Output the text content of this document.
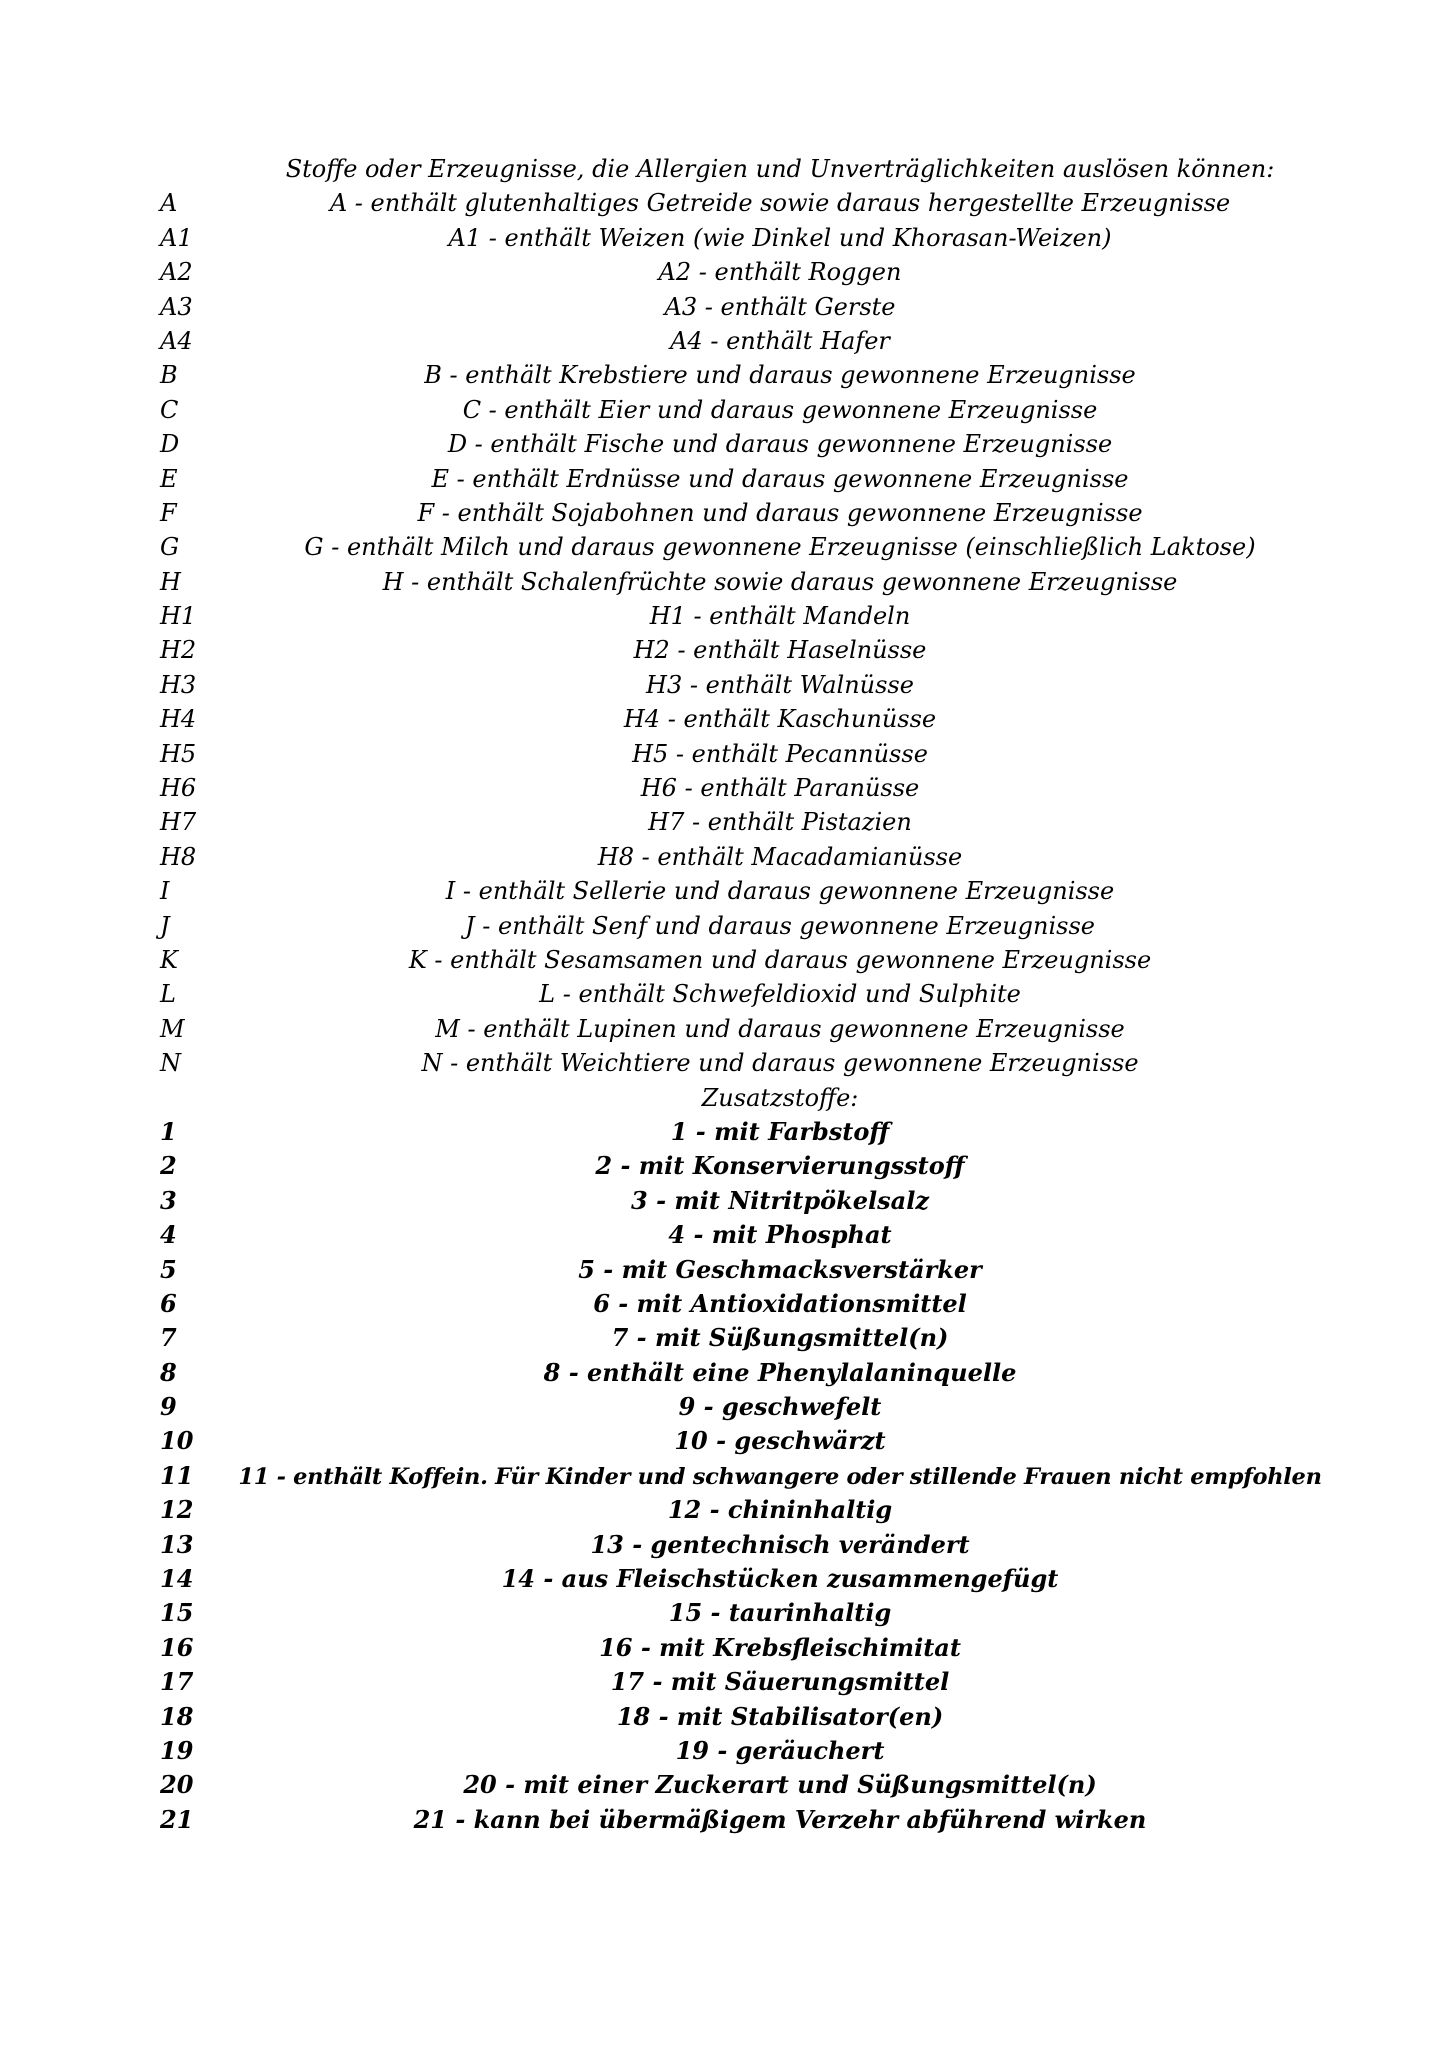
Stoffe oder Erzeugnisse, die Allergien und Unverträglichkeiten auslösen können:
A	A - enthält glutenhaltiges Getreide sowie daraus hergestellte Erzeugnisse
A1	A1 - enthält Weizen (wie Dinkel und Khorasan-Weizen)
A2	A2 - enthält Roggen
A3	A3 - enthält Gerste
A4	A4 - enthält Hafer
B	B - enthält Krebstiere und daraus gewonnene Erzeugnisse
C	C - enthält Eier und daraus gewonnene Erzeugnisse
D	D - enthält Fische und daraus gewonnene Erzeugnisse
E	E - enthält Erdnüsse und daraus gewonnene Erzeugnisse
F	F - enthält Sojabohnen und daraus gewonnene Erzeugnisse
G	G - enthält Milch und daraus gewonnene Erzeugnisse (einschließlich Laktose)
H	H - enthält Schalenfrüchte sowie daraus gewonnene Erzeugnisse
H1	H1 - enthält Mandeln
H2	H2 - enthält Haselnüsse
H3	H3 - enthält Walnüsse
H4	H4 - enthält Kaschunüsse
H5	H5 - enthält Pecannüsse
H6	H6 - enthält Paranüsse
H7	H7 - enthält Pistazien
H8	H8 - enthält Macadamianüsse
I	I - enthält Sellerie und daraus gewonnene Erzeugnisse
J	J - enthält Senf und daraus gewonnene Erzeugnisse
K	K - enthält Sesamsamen und daraus gewonnene Erzeugnisse
L	L - enthält Schwefeldioxid und Sulphite
M	M - enthält Lupinen und daraus gewonnene Erzeugnisse
N	N - enthält Weichtiere und daraus gewonnene Erzeugnisse
Zusatzstoffe:
1	1 - mit Farbstoff
2	2 - mit Konservierungsstoff
3	3 - mit Nitritpökelsalz
4	4 - mit Phosphat
5	5 - mit Geschmacksverstärker
6	6 - mit Antioxidationsmittel
7	7 - mit Süßungsmittel(n)
8	8 - enthält eine Phenylalaninquelle
9	9 - geschwefelt
10	10 - geschwärzt
11	11 - enthält Koffein. Für Kinder und schwangere oder stillende Frauen nicht empfohlen
12	12 - chininhaltig
13	13 - gentechnisch verändert
14	14 - aus Fleischstücken zusammengefügt
15	15 - taurinhaltig
16	16 - mit Krebsfleischimitat
17	17 - mit Säuerungsmittel
18	18 - mit Stabilisator(en)
19	19 - geräuchert
20	20 - mit einer Zuckerart und Süßungsmittel(n)
21	21 - kann bei übermäßigem Verzehr abführend wirken
